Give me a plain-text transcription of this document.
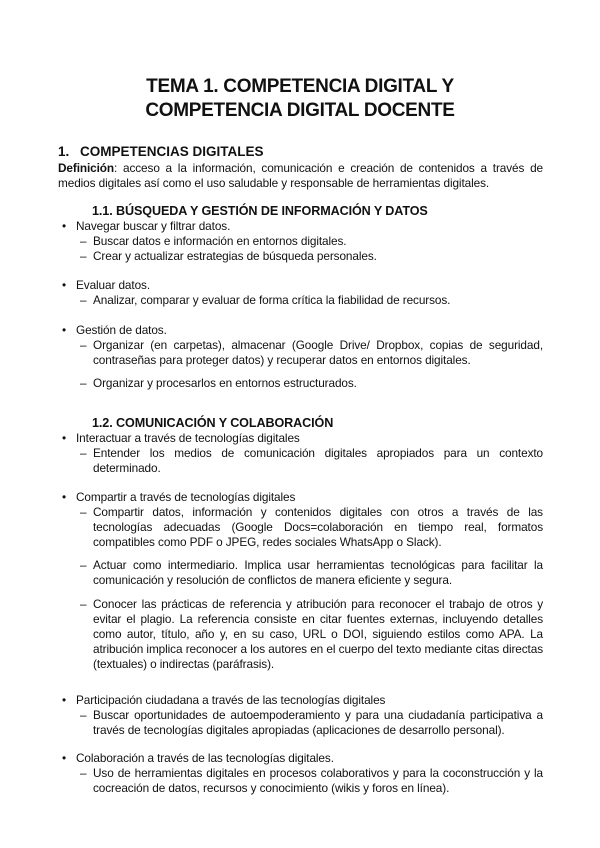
TEMA 1. COMPETENCIA DIGITAL Y
COMPETENCIA DIGITAL DOCENTE
1. COMPETENCIAS DIGITALES
Definición: acceso a la información, comunicación e creación de contenidos a través de medios digitales así como el uso saludable y responsable de herramientas digitales.
1.1. BÚSQUEDA Y GESTIÓN DE INFORMACIÓN Y DATOS
Navegar buscar y filtrar datos.
– Buscar datos e información en entornos digitales.
– Crear y actualizar estrategias de búsqueda personales.
Evaluar datos.
– Analizar, comparar y evaluar de forma crítica la fiabilidad de recursos.
Gestión de datos.
– Organizar (en carpetas), almacenar (Google Drive/ Dropbox, copias de seguridad, contraseñas para proteger datos) y recuperar datos en entornos digitales.
– Organizar y procesarlos en entornos estructurados.
1.2. COMUNICACIÓN Y COLABORACIÓN
Interactuar a través de tecnologías digitales
– Entender los medios de comunicación digitales apropiados para un contexto determinado.
Compartir a través de tecnologías digitales
– Compartir datos, información y contenidos digitales con otros a través de las tecnologías adecuadas (Google Docs=colaboración en tiempo real, formatos compatibles como PDF o JPEG, redes sociales WhatsApp o Slack).
– Actuar como intermediario. Implica usar herramientas tecnológicas para facilitar la comunicación y resolución de conflictos de manera eficiente y segura.
– Conocer las prácticas de referencia y atribución para reconocer el trabajo de otros y evitar el plagio. La referencia consiste en citar fuentes externas, incluyendo detalles como autor, título, año y, en su caso, URL o DOI, siguiendo estilos como APA. La atribución implica reconocer a los autores en el cuerpo del texto mediante citas directas (textuales) o indirectas (paráfrasis).
Participación ciudadana a través de las tecnologías digitales
– Buscar oportunidades de autoempoderamiento y para una ciudadanía participativa a través de tecnologías digitales apropiadas (aplicaciones de desarrollo personal).
Colaboración a través de las tecnologías digitales.
– Uso de herramientas digitales en procesos colaborativos y para la coconstrucción y la cocreación de datos, recursos y conocimiento (wikis y foros en línea).
